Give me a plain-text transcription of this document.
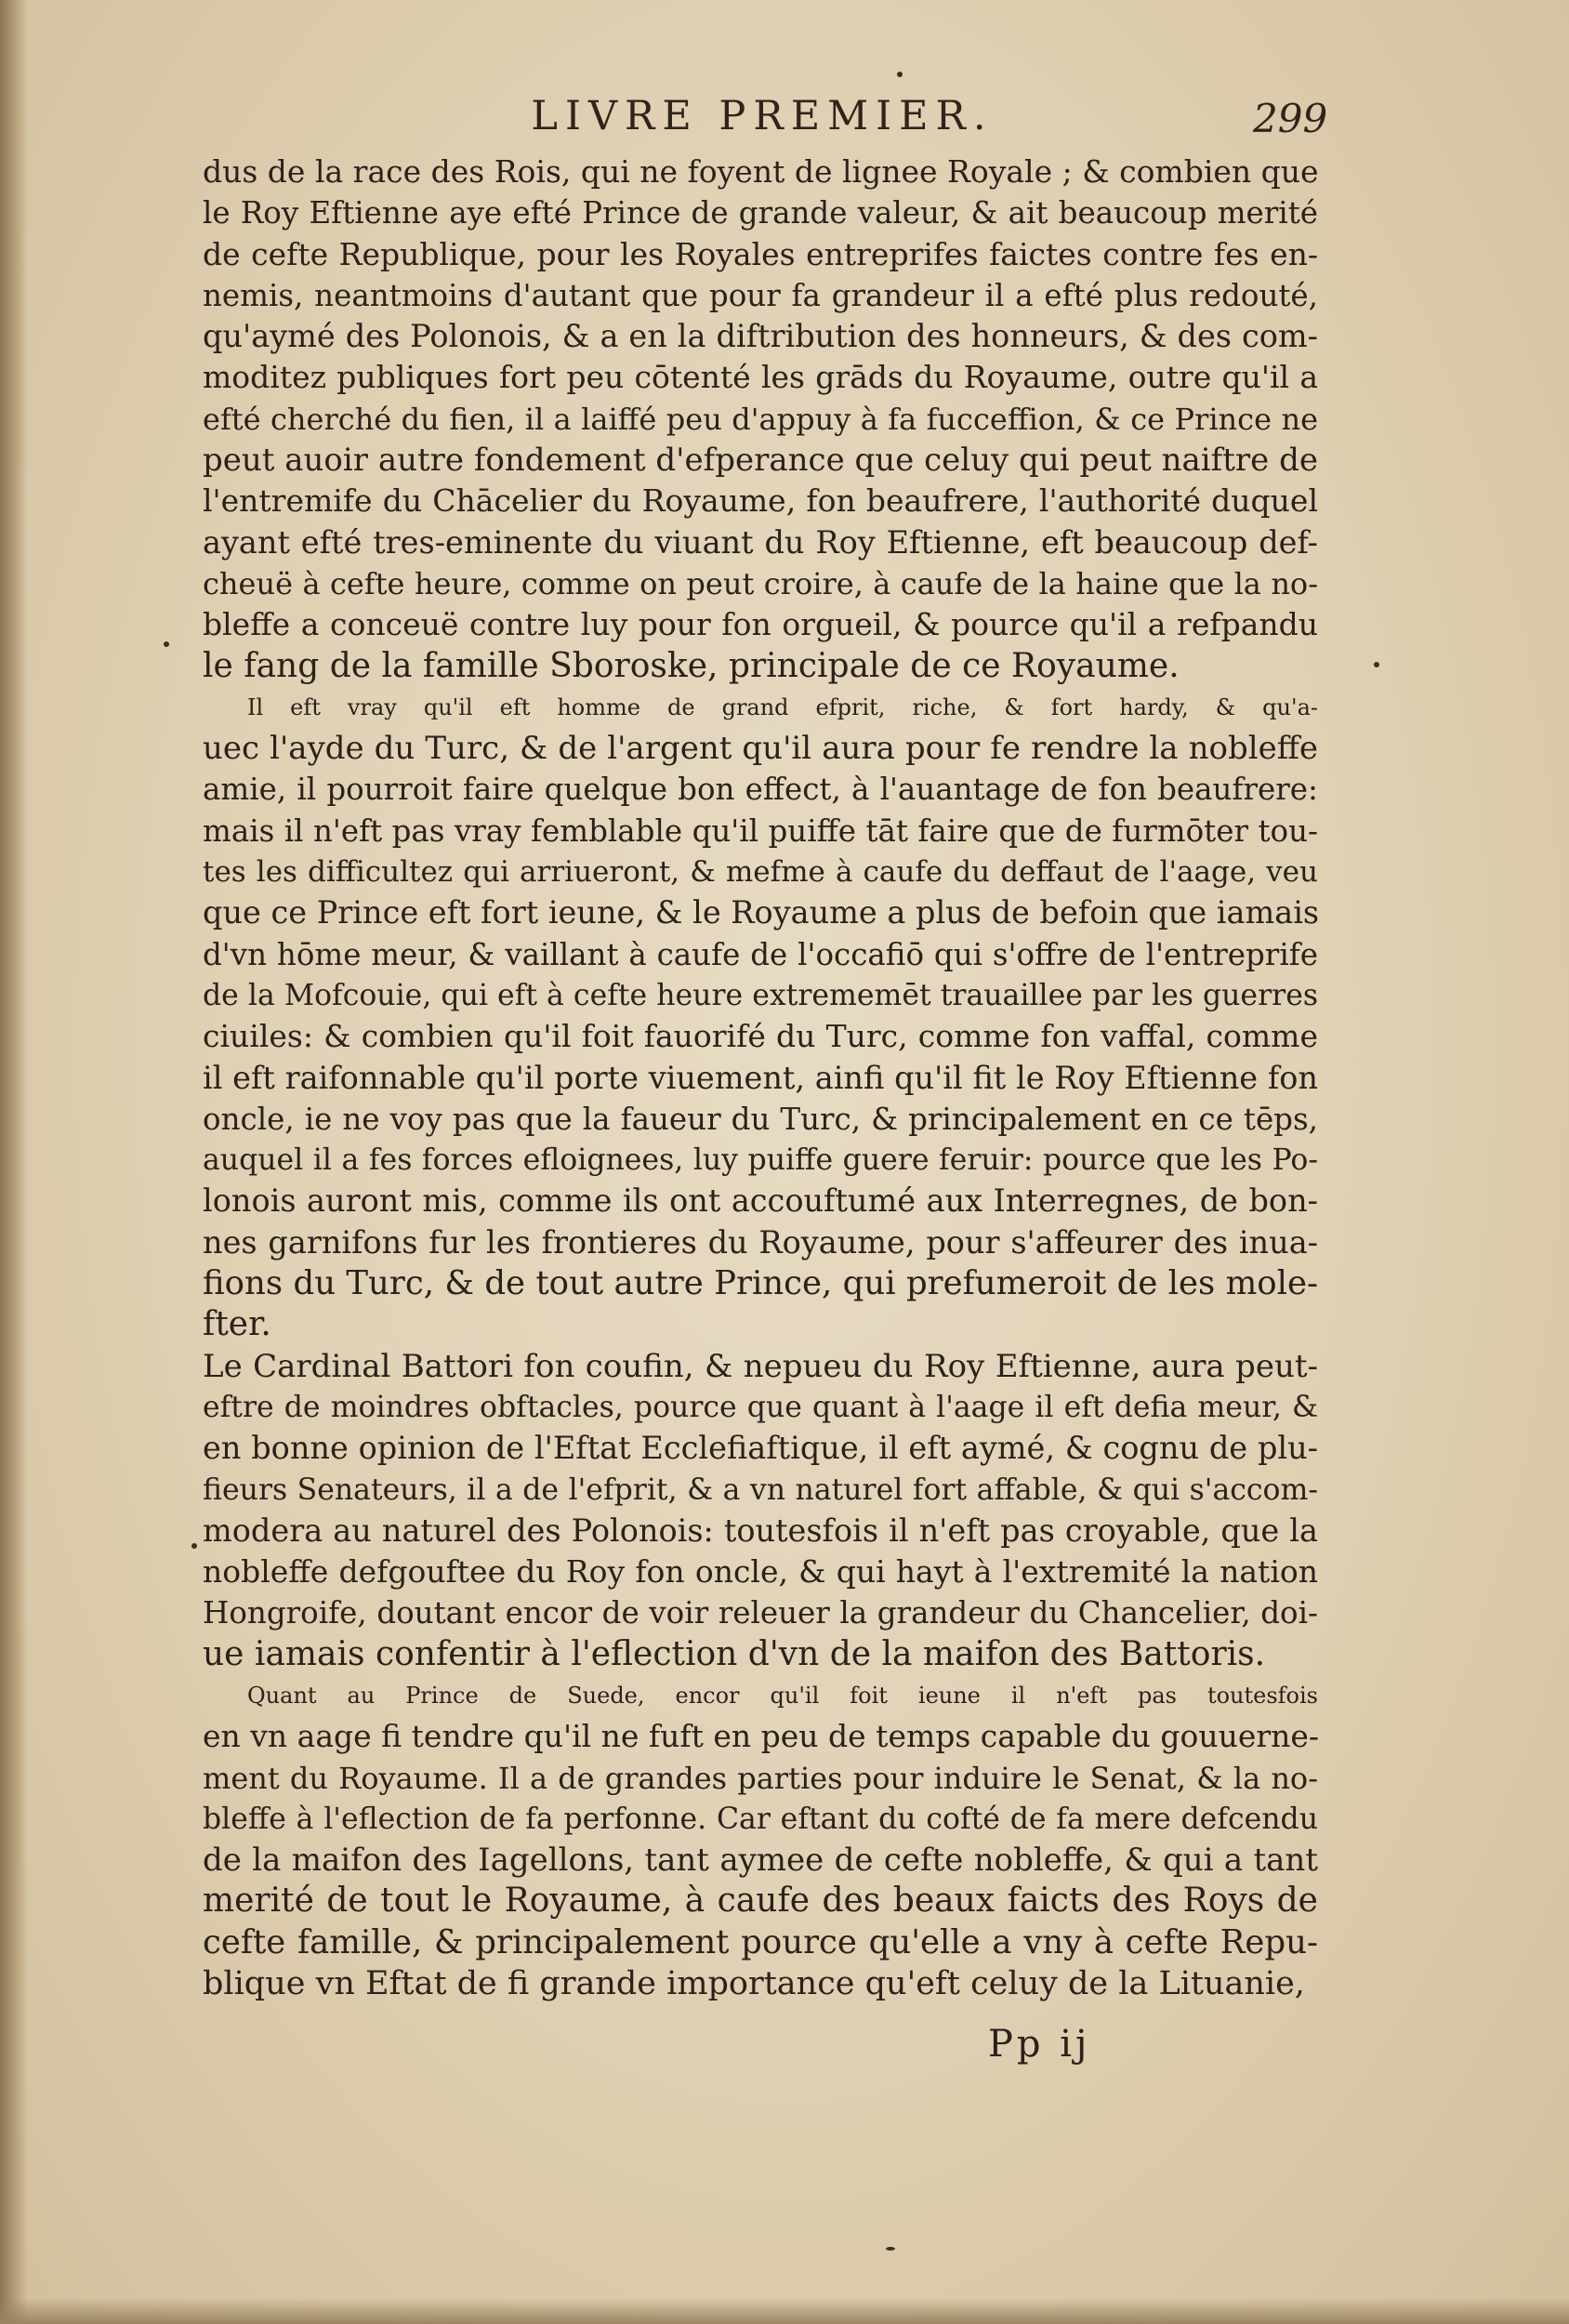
LIVRE PREMIER.	299
dus de la race des Rois, qui ne foyent de lignee Royale ; & combien que
le Roy Eftienne aye efté Prince de grande valeur, & ait beaucoup merité
de cefte Republique, pour les Royales entreprifes faictes contre fes en-
nemis, neantmoins d'autant que pour fa grandeur il a efté plus redouté,
qu'aymé des Polonois, & a en la diftribution des honneurs, & des com-
moditez publiques fort peu cōtenté les grāds du Royaume, outre qu'il a
efté cherché du fien, il a laiffé peu d'appuy à fa fucceffion, & ce Prince ne
peut auoir autre fondement d'efperance que celuy qui peut naiftre de
l'entremife du Chācelier du Royaume, fon beaufrere, l'authorité duquel
ayant efté tres-eminente du viuant du Roy Eftienne, eft beaucoup def-
cheuë à cefte heure, comme on peut croire, à caufe de la haine que la no-
bleffe a conceuë contre luy pour fon orgueil, & pource qu'il a refpandu
le fang de la famille Sboroske, principale de ce Royaume.
Il eft vray qu'il eft homme de grand efprit, riche, & fort hardy, & qu'a-
uec l'ayde du Turc, & de l'argent qu'il aura pour fe rendre la nobleffe
amie, il pourroit faire quelque bon effect, à l'auantage de fon beaufrere:
mais il n'eft pas vray femblable qu'il puiffe tāt faire que de furmōter tou-
tes les difficultez qui arriueront, & mefme à caufe du deffaut de l'aage, veu
que ce Prince eft fort ieune, & le Royaume a plus de befoin que iamais
d'vn hōme meur, & vaillant à caufe de l'occafiō qui s'offre de l'entreprife
de la Mofcouie, qui eft à cefte heure extrememēt trauaillee par les guerres
ciuiles: & combien qu'il foit fauorifé du Turc, comme fon vaffal, comme
il eft raifonnable qu'il porte viuement, ainfi qu'il fit le Roy Eftienne fon
oncle, ie ne voy pas que la faueur du Turc, & principalement en ce tēps,
auquel il a fes forces efloignees, luy puiffe guere feruir: pource que les Po-
lonois auront mis, comme ils ont accouftumé aux Interregnes, de bon-
nes garnifons fur les frontieres du Royaume, pour s'affeurer des inua-
fions du Turc, & de tout autre Prince, qui prefumeroit de les mole-
fter.
Le Cardinal Battori fon coufin, & nepueu du Roy Eftienne, aura peut-
eftre de moindres obftacles, pource que quant à l'aage il eft defia meur, &
en bonne opinion de l'Eftat Ecclefiaftique, il eft aymé, & cognu de plu-
fieurs Senateurs, il a de l'efprit, & a vn naturel fort affable, & qui s'accom-
modera au naturel des Polonois: toutesfois il n'eft pas croyable, que la
nobleffe defgouftee du Roy fon oncle, & qui hayt à l'extremité la nation
Hongroife, doutant encor de voir releuer la grandeur du Chancelier, doi-
ue iamais confentir à l'eflection d'vn de la maifon des Battoris.
Quant au Prince de Suede, encor qu'il foit ieune il n'eft pas toutesfois
en vn aage fi tendre qu'il ne fuft en peu de temps capable du gouuerne-
ment du Royaume. Il a de grandes parties pour induire le Senat, & la no-
bleffe à l'eflection de fa perfonne. Car eftant du cofté de fa mere defcendu
de la maifon des Iagellons, tant aymee de cefte nobleffe, & qui a tant
merité de tout le Royaume, à caufe des beaux faicts des Roys de
cefte famille, & principalement pource qu'elle a vny à cefte Repu-
blique vn Eftat de fi grande importance qu'eft celuy de la Lituanie,
Pp ij
